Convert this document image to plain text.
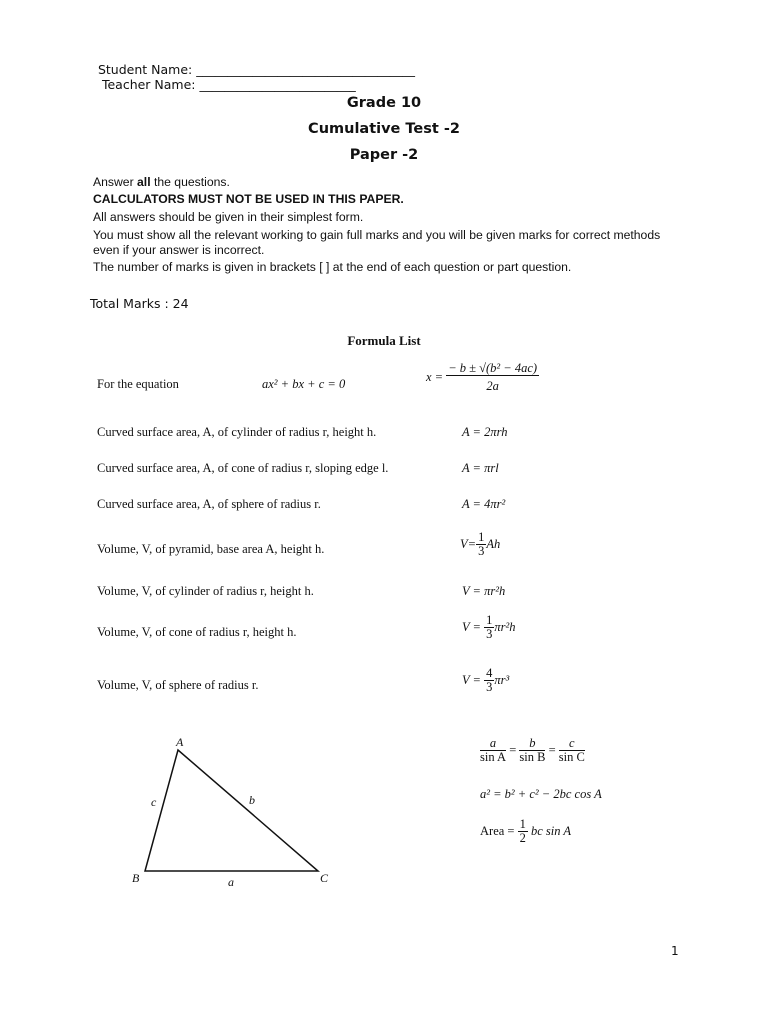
Student Name: ___________________________________
Teacher Name: _________________________

Grade 10
Cumulative Test -2
Paper -2
Answer all the questions.
CALCULATORS MUST NOT BE USED IN THIS PAPER.
All answers should be given in their simplest form.
You must show all the relevant working to gain full marks and you will be given marks for correct methods even if your answer is incorrect.
The number of marks is given in brackets [ ] at the end of each question or part question.
Total Marks : 24
Formula List
For the equation	ax² + bx + c = 0	$x = \frac{\text{− b ± √(b² − 4ac)}}{2a}$
Curved surface area, A, of cylinder of radius r, height h.	A = 2πrh
Curved surface area, A, of cone of radius r, sloping edge l.	A = πrl
Curved surface area, A, of sphere of radius r.	A = 4πr²
Volume, V, of pyramid, base area A, height h.	$V= \frac{1}{3}$ Ah
Volume, V, of cylinder of radius r, height h.	V = πr²h
Volume, V, of cone of radius r, height h.	$V = \frac{1}{3} \pi r^2h$
Volume, V, of sphere of radius r.	$V = \frac{4}{3} \pi r^3$
A
B	C
a
b
c
$\frac{a}{\text{sin A}} = \frac{b}{\text{sin B}} = \frac{c}{\text{sin C}}$
a² = b² + c² − 2bc cos A
Area = $\frac{1}{2}$ bc sin A
1
